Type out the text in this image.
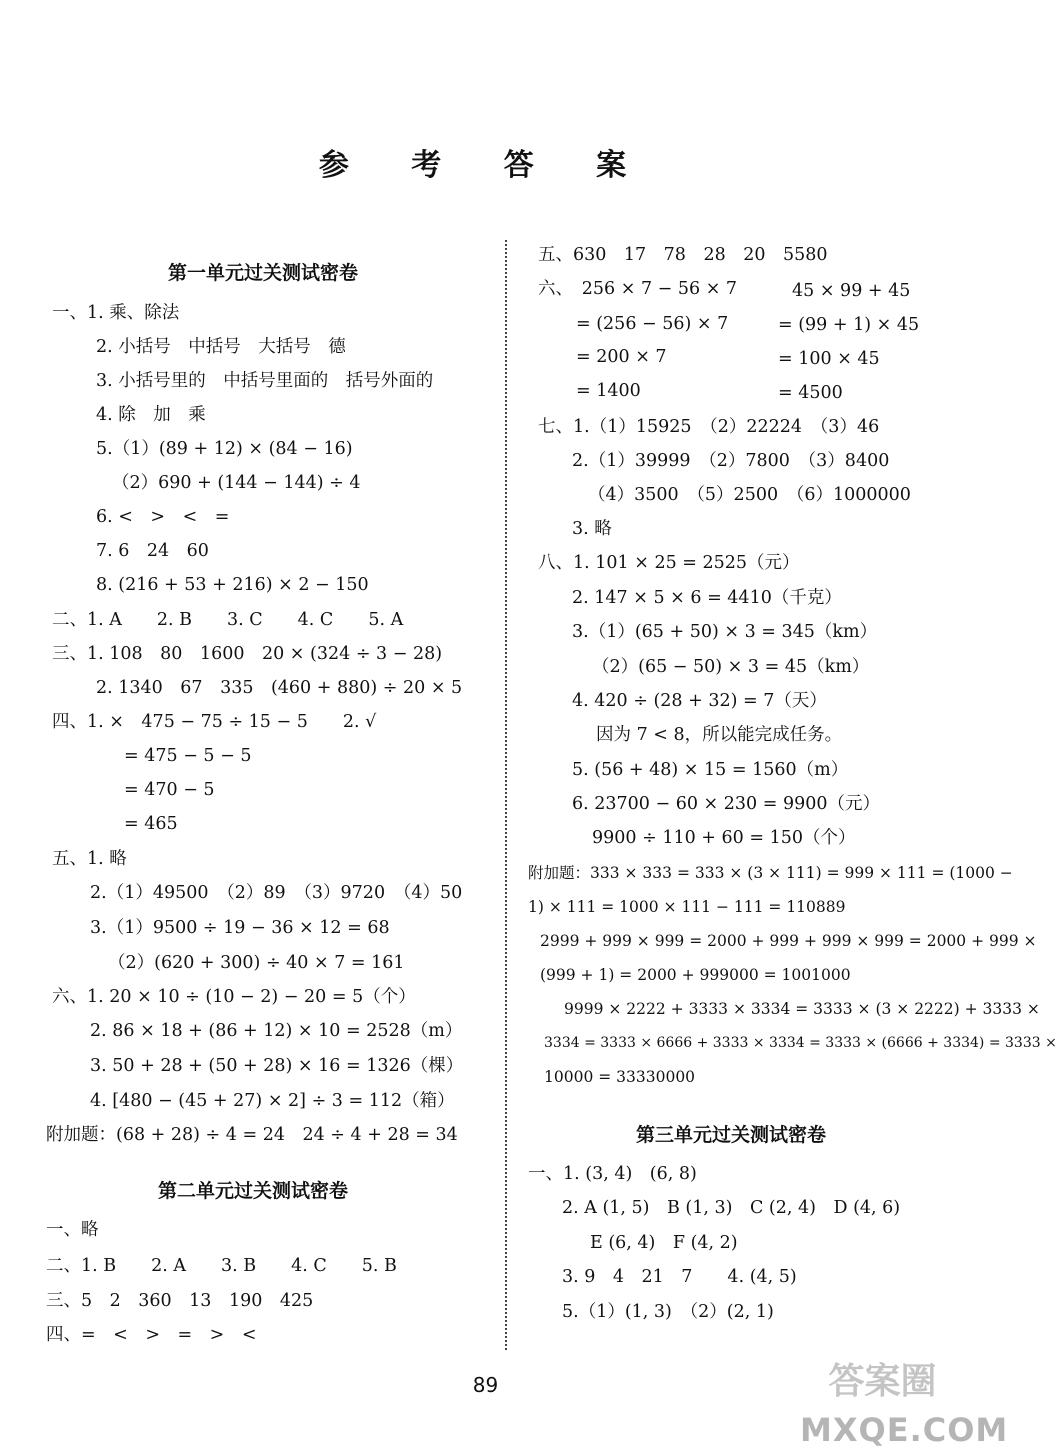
参 考 答 案
第一单元过关测试密卷
一、1. 乘、除法
2. 小括号　中括号　大括号　德
3. 小括号里的　中括号里面的　括号外面的
4. 除　加　乘
5.（1）(89 + 12) × (84 − 16)
（2）690 + (144 − 144) ÷ 4
6. <　>　<　=
7. 6　24　60
8. (216 + 53 + 216) × 2 − 150
二、1. A　　2. B　　3. C　　4. C　　5. A
三、1. 108　80　1600　20 × (324 ÷ 3 − 28)
2. 1340　67　335　(460 + 880) ÷ 20 × 5
四、1. ×　475 − 75 ÷ 15 − 5　　2. √
= 475 − 5 − 5
= 470 − 5
= 465
五、1. 略
2.（1）49500　（2）89　（3）9720　（4）50
3.（1）9500 ÷ 19 − 36 × 12 = 68
（2）(620 + 300) ÷ 40 × 7 = 161
六、1. 20 × 10 ÷ (10 − 2) − 20 = 5（个）
2. 86 × 18 + (86 + 12) × 10 = 2528（m）
3. 50 + 28 + (50 + 28) × 16 = 1326（棵）
4. [480 − (45 + 27) × 2] ÷ 3 = 112（箱）
附加题：(68 + 28) ÷ 4 = 24　24 ÷ 4 + 28 = 34
第二单元过关测试密卷
一、略
二、1. B　　2. A　　3. B　　4. C　　5. B
三、5　2　360　13　190　425
四、=　<　>　=　>　<
五、630　17　78　28　20　5580
六、　256 × 7 − 56 × 7	45 × 99 + 45
= (256 − 56) × 7	= (99 + 1) × 45
= 200 × 7	= 100 × 45
= 1400	= 4500
七、1.（1）15925　（2）22224　（3）46
2.（1）39999　（2）7800　（3）8400
（4）3500　（5）2500　（6）1000000
3. 略
八、1. 101 × 25 = 2525（元）
2. 147 × 5 × 6 = 4410（千克）
3.（1）(65 + 50) × 3 = 345（km）
（2）(65 − 50) × 3 = 45（km）
4. 420 ÷ (28 + 32) = 7（天）
因为 7 < 8，所以能完成任务。
5. (56 + 48) × 15 = 1560（m）
6. 23700 − 60 × 230 = 9900（元）
9900 ÷ 110 + 60 = 150（个）
附加题：333 × 333 = 333 × (3 × 111) = 999 × 111 = (1000 −
1) × 111 = 1000 × 111 − 111 = 110889
2999 + 999 × 999 = 2000 + 999 + 999 × 999 = 2000 + 999 ×
(999 + 1) = 2000 + 999000 = 1001000
9999 × 2222 + 3333 × 3334 = 3333 × (3 × 2222) + 3333 ×
3334 = 3333 × 6666 + 3333 × 3334 = 3333 × (6666 + 3334) = 3333 ×
10000 = 33330000
第三单元过关测试密卷
一、1. (3, 4)　(6, 8)
2. A (1, 5)　B (1, 3)　C (2, 4)　D (4, 6)
E (6, 4)　F (4, 2)
3. 9　4　21　7　　4. (4, 5)
5.（1）(1, 3)　（2）(2, 1)
89	答案圈
MXQE.COM
